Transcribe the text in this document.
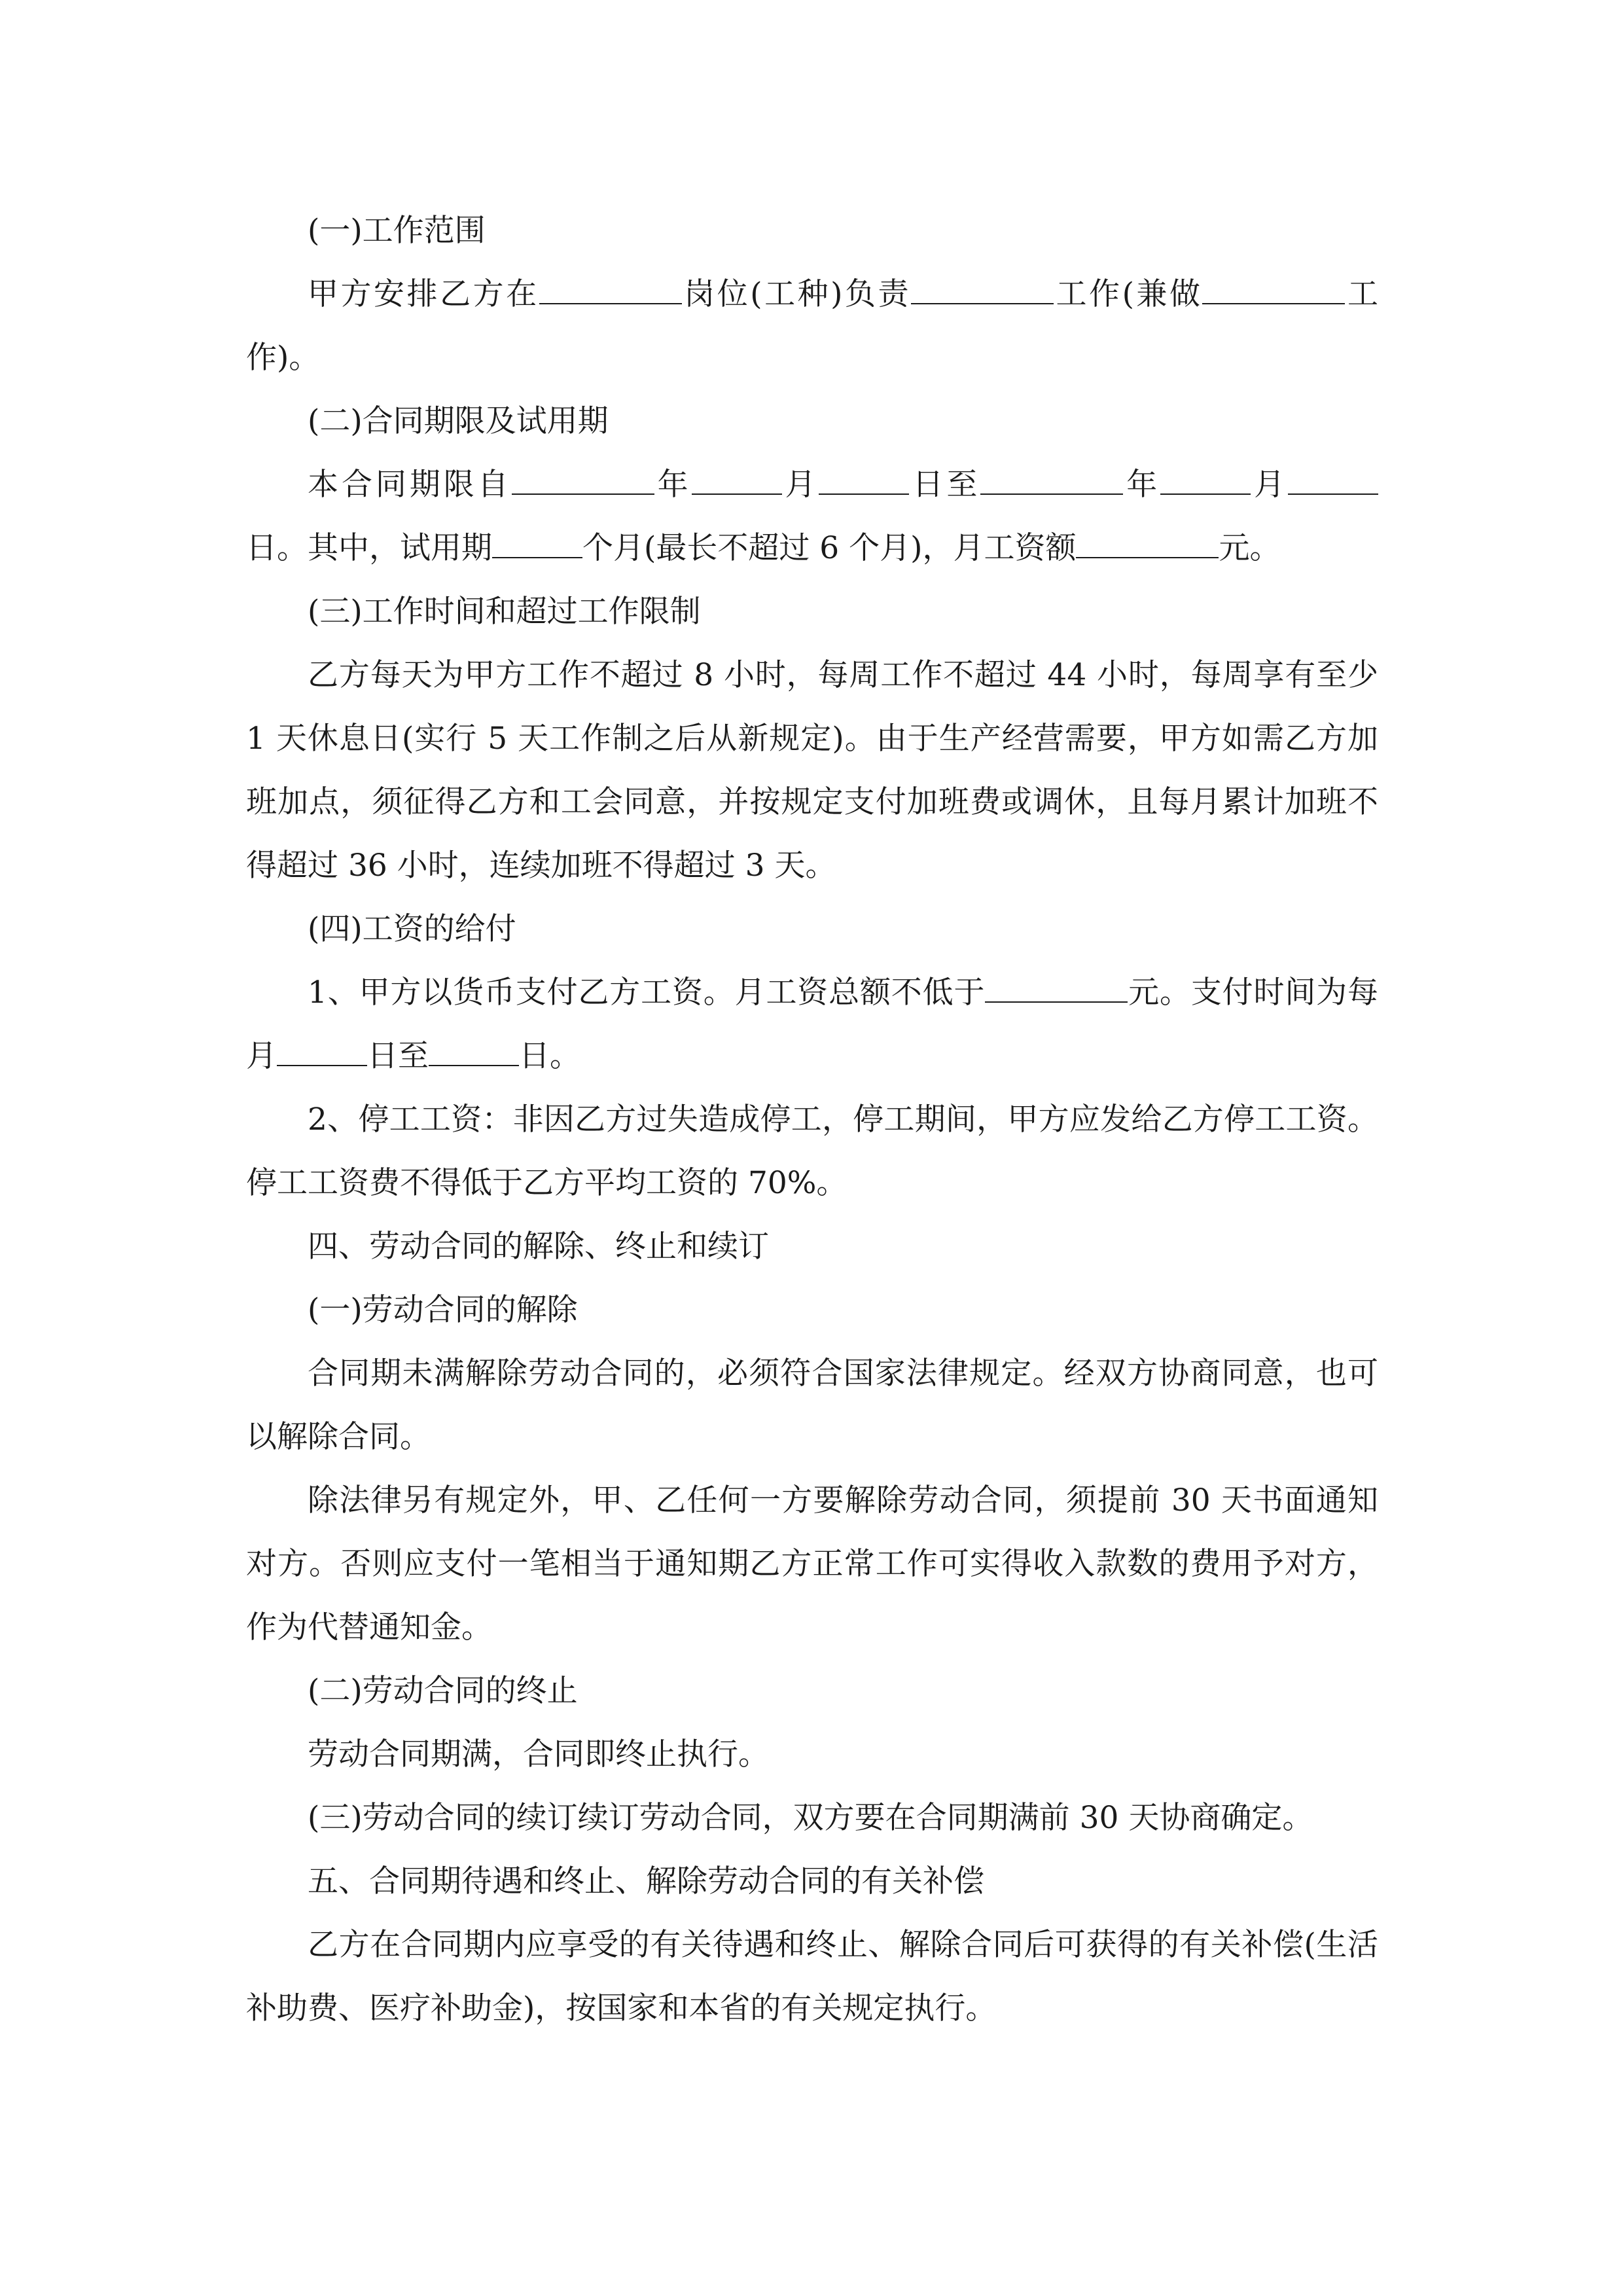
(一)工作范围

甲方安排乙方在	岗位(工种)负责	工作(兼做	工作)。

(二)合同期限及试用期

本合同期限自	年	月	日至	年	月日。其中，试用期	个月(最长不超过 6 个月)，月工资额	元。

(三)工作时间和超过工作限制

乙方每天为甲方工作不超过 8 小时，每周工作不超过 44 小时，每周享有至少 1 天休息日(实行 5 天工作制之后从新规定)。由于生产经营需要，甲方如需乙方加班加点，须征得乙方和工会同意，并按规定支付加班费或调休，且每月累计加班不得超过 36 小时，连续加班不得超过 3 天。

(四)工资的给付

1、甲方以货币支付乙方工资。月工资总额不低于	元。支付时间为每月	日至	日。

2、停工工资：非因乙方过失造成停工，停工期间，甲方应发给乙方停工工资。停工工资费不得低于乙方平均工资的 70%。

四、劳动合同的解除、终止和续订

(一)劳动合同的解除

合同期未满解除劳动合同的，必须符合国家法律规定。经双方协商同意，也可以解除合同。

除法律另有规定外，甲、乙任何一方要解除劳动合同，须提前 30 天书面通知对方。否则应支付一笔相当于通知期乙方正常工作可实得收入款数的费用予对方，作为代替通知金。

(二)劳动合同的终止

劳动合同期满，合同即终止执行。

(三)劳动合同的续订续订劳动合同，双方要在合同期满前 30 天协商确定。

五、合同期待遇和终止、解除劳动合同的有关补偿

乙方在合同期内应享受的有关待遇和终止、解除合同后可获得的有关补偿(生活补助费、医疗补助金)，按国家和本省的有关规定执行。
